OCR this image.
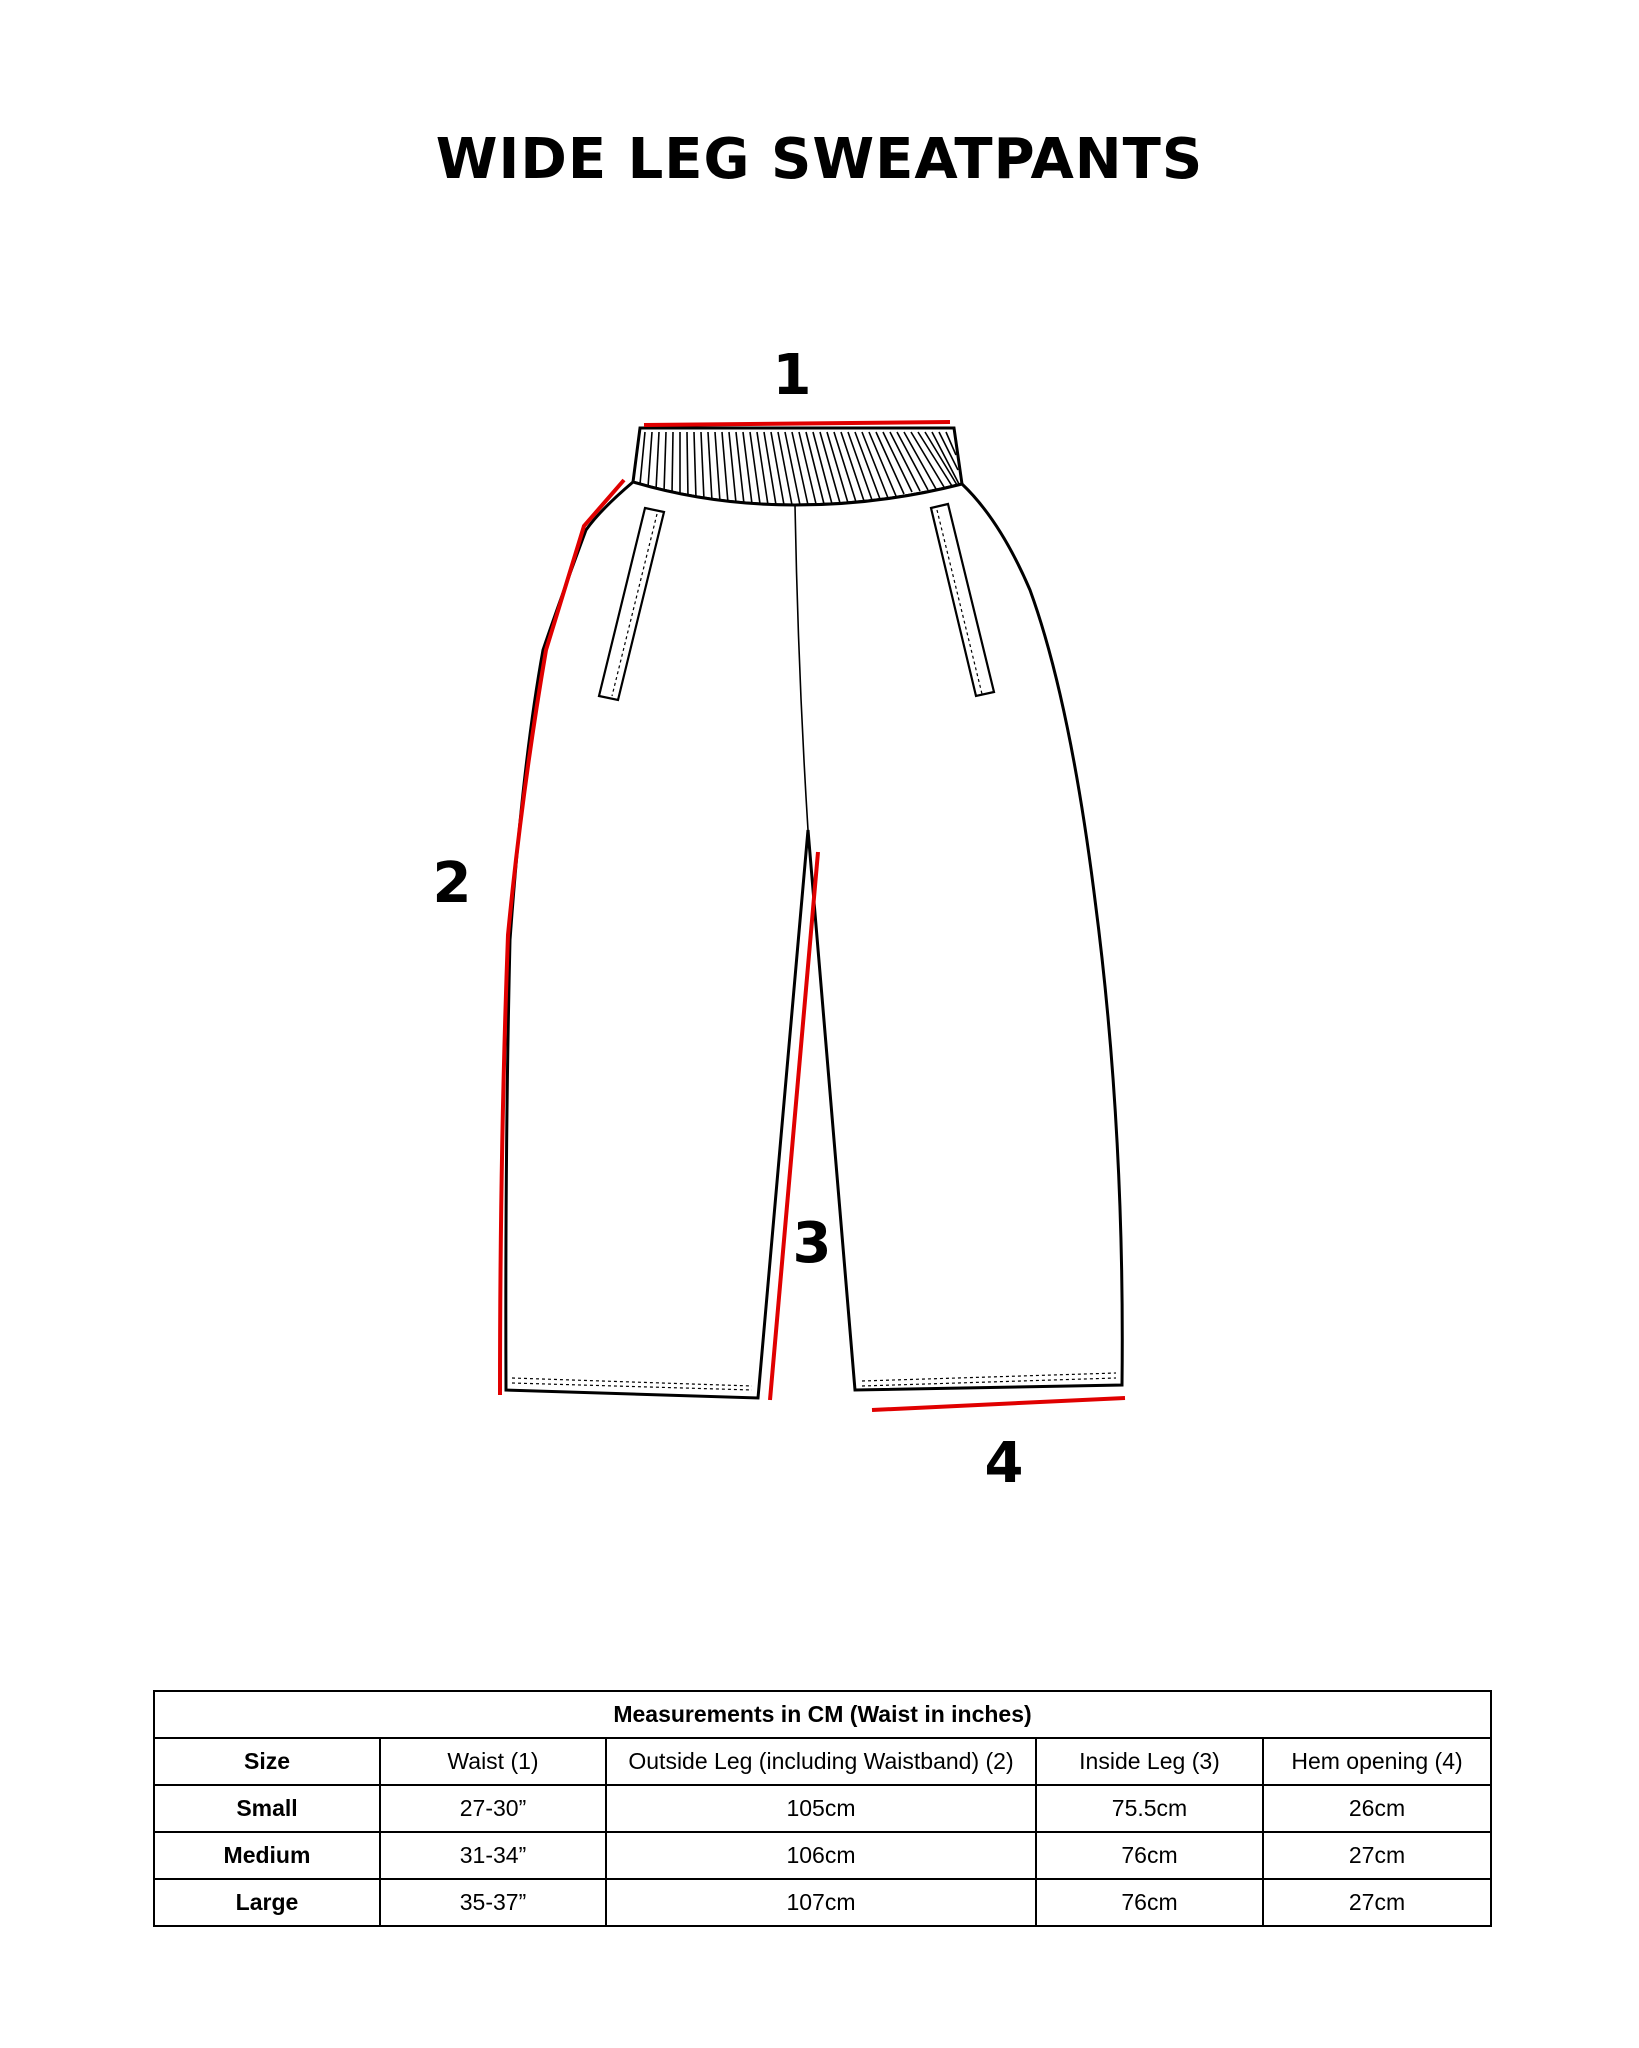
WIDE LEG SWEATPANTS
1
2
3
4
Measurements in CM (Waist in inches)				
Size	Waist (1)	Outside Leg (including Waistband) (2)	Inside Leg (3)	Hem opening (4)
Small	27-30”	105cm	75.5cm	26cm
Medium	31-34”	106cm	76cm	27cm
Large	35-37”	107cm	76cm	27cm
